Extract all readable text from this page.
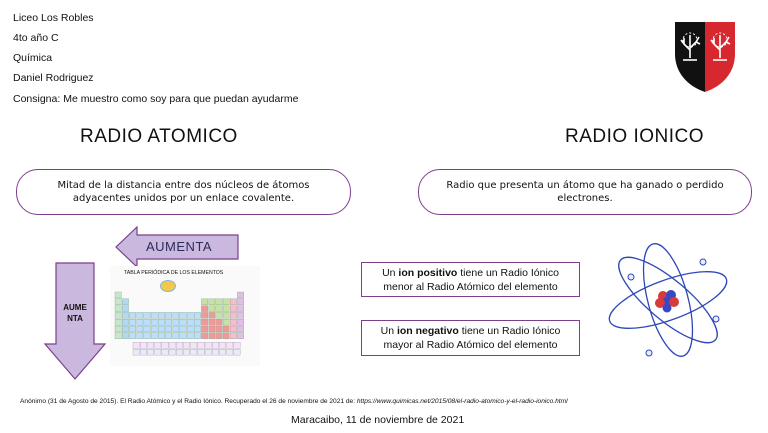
Liceo Los Robles
4to año C
Química
Daniel Rodriguez
Consigna: Me muestro como soy para que puedan ayudarme
RADIO ATOMICO	RADIO IONICO
Mitad de la distancia entre dos núcleos de átomos adyacentes unidos por un enlace covalente.
Radio que presenta un átomo que ha ganado o perdido electrones.
AUMENTA
AUME
NTA
TABLA PERIÓDICA DE LOS ELEMENTOS	Un ion positivo tiene un Radio Iónico menor al Radio Atómico del elemento
Un ion negativo tiene un Radio Iónico mayor al Radio Atómico del elemento
Anónimo (31 de Agosto de 2015). El Radio Atómico y el Radio Iónico. Recuperado el 26 de noviembre de 2021 de: https://www.quimicas.net/2015/08/el-radio-atomico-y-el-radio-ionico.html
Maracaibo, 11 de noviembre de 2021
